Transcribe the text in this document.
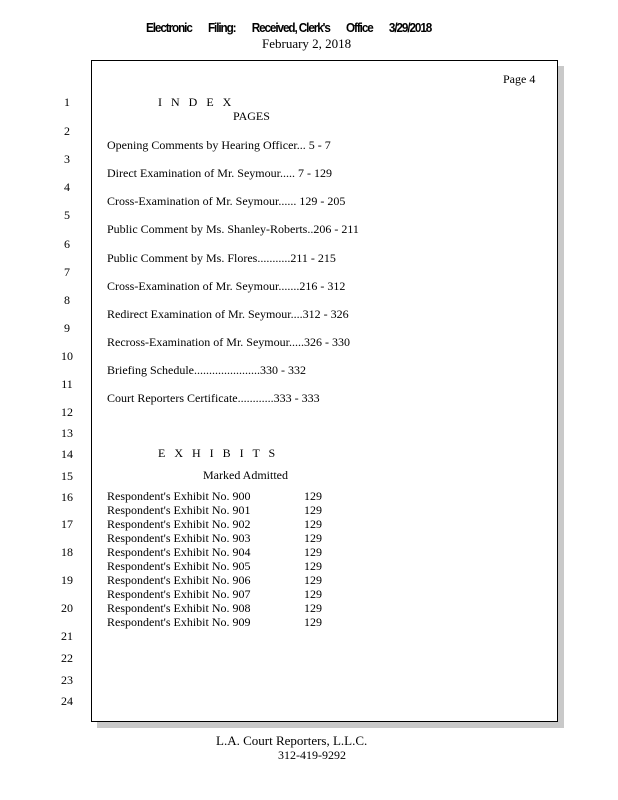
Electronic Filing: Received, Clerk's Office 3/29/2018
February 2, 2018
Page 4
1
2
3
4
5
6
7
8
9
10
11
12
13
14
15
16
17
18
19
20
21
22
23
24
I N D E X
PAGES
Opening Comments by Hearing Officer... 5 - 7
Direct Examination of Mr. Seymour..... 7 - 129
Cross-Examination of Mr. Seymour...... 129 - 205
Public Comment by Ms. Shanley-Roberts..206 - 211
Public Comment by Ms. Flores...........211 - 215
Cross-Examination of Mr. Seymour.......216 - 312
Redirect Examination of Mr. Seymour....312 - 326
Recross-Examination of Mr. Seymour.....326 - 330
Briefing Schedule......................330 - 332
Court Reporters Certificate............333 - 333
E X H I B I T S
Marked Admitted
Respondent's Exhibit No. 900	129
Respondent's Exhibit No. 901	129
Respondent's Exhibit No. 902	129
Respondent's Exhibit No. 903	129
Respondent's Exhibit No. 904	129
Respondent's Exhibit No. 905	129
Respondent's Exhibit No. 906	129
Respondent's Exhibit No. 907	129
Respondent's Exhibit No. 908	129
Respondent's Exhibit No. 909	129
L.A. Court Reporters, L.L.C.
312-419-9292
